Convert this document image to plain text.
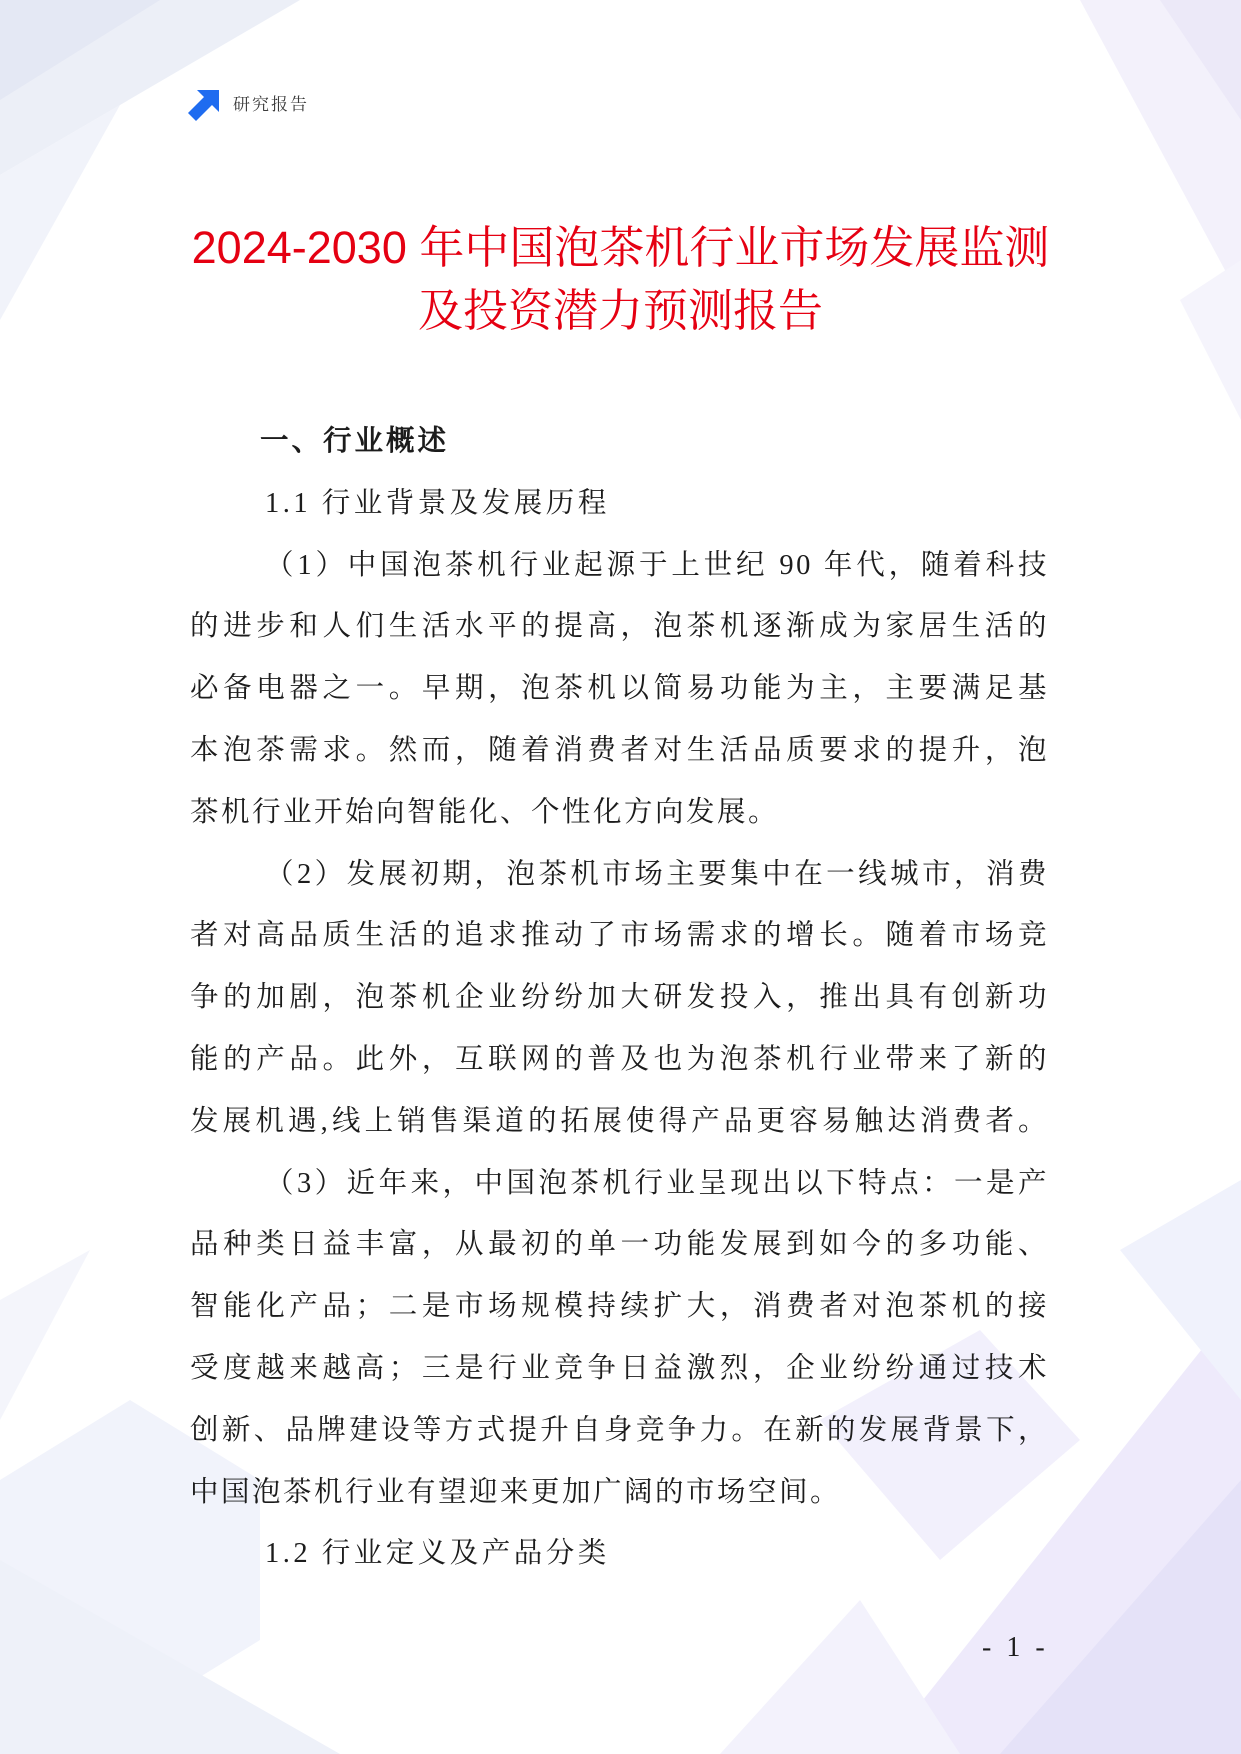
研究报告
2024-2030 年中国泡茶机行业市场发展监测
及投资潜力预测报告
一、行业概述
1.1 行业背景及发展历程
（1）中国泡茶机行业起源于上世纪 90 年代，随着科技
的进步和人们生活水平的提高，泡茶机逐渐成为家居生活的
必备电器之一。早期，泡茶机以简易功能为主，主要满足基
本泡茶需求。然而，随着消费者对生活品质要求的提升，泡
茶机行业开始向智能化、个性化方向发展。
（2）发展初期，泡茶机市场主要集中在一线城市，消费
者对高品质生活的追求推动了市场需求的增长。随着市场竞
争的加剧，泡茶机企业纷纷加大研发投入，推出具有创新功
能的产品。此外，互联网的普及也为泡茶机行业带来了新的
发展机遇,线上销售渠道的拓展使得产品更容易触达消费者。
（3）近年来，中国泡茶机行业呈现出以下特点：一是产
品种类日益丰富，从最初的单一功能发展到如今的多功能、
智能化产品；二是市场规模持续扩大，消费者对泡茶机的接
受度越来越高；三是行业竞争日益激烈，企业纷纷通过技术
创新、品牌建设等方式提升自身竞争力。在新的发展背景下，
中国泡茶机行业有望迎来更加广阔的市场空间。
1.2 行业定义及产品分类
- 1 -
